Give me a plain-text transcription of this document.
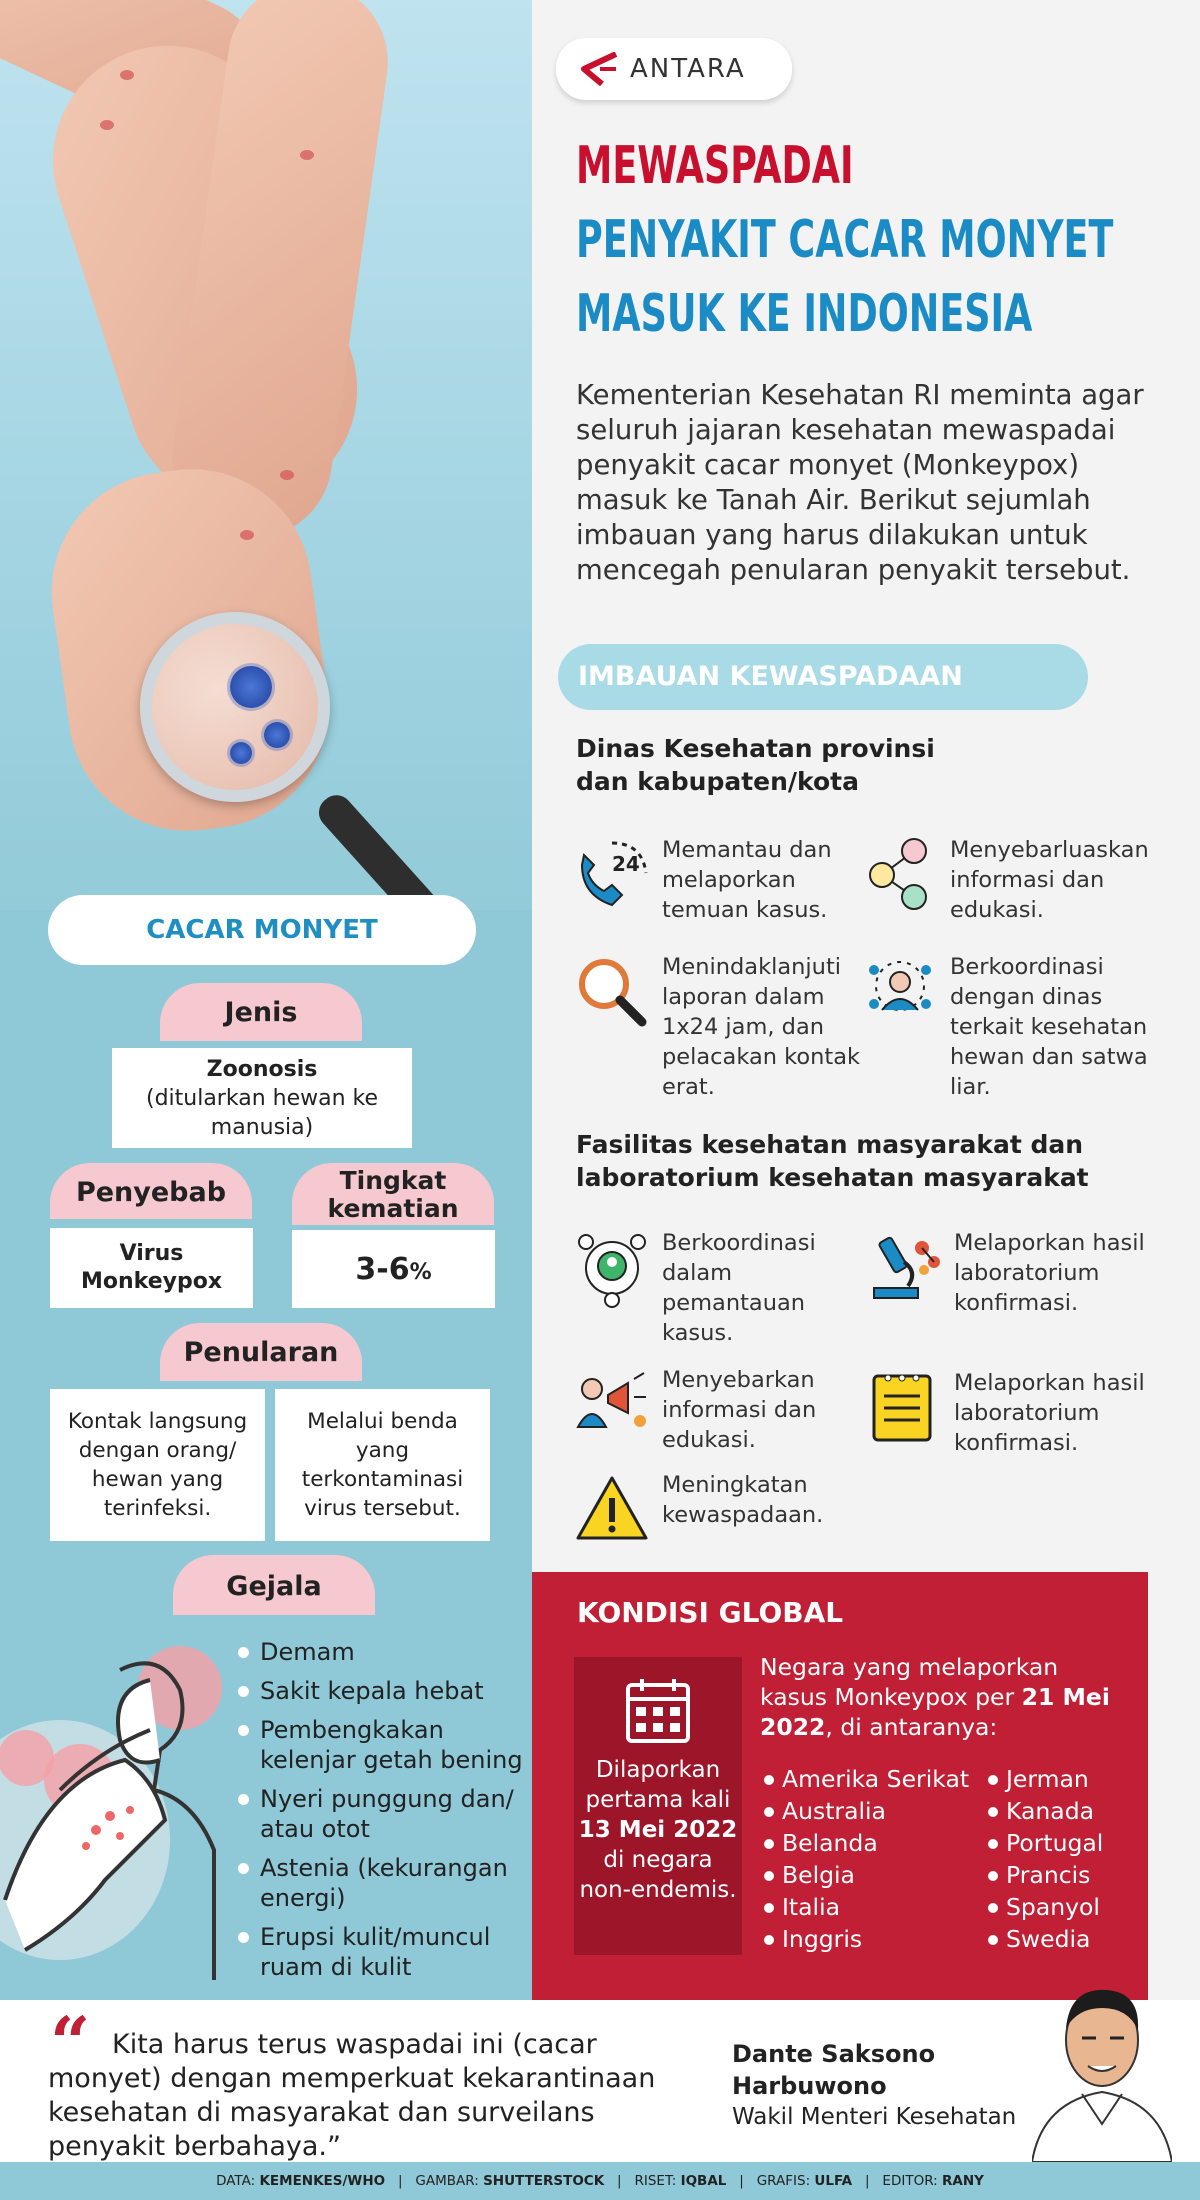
CACAR MONYET
Jenis
Zoonosis
(ditularkan hewan ke manusia)
Penyebab
Virus Monkeypox
Tingkat kematian
3-6 %
Penularan
Kontak langsung dengan orang/ hewan yang terinfeksi.
Melalui benda yang terkontaminasi virus tersebut.
Gejala
Demam
Sakit kepala hebat
Pembengkakan kelenjar getah bening
Nyeri punggung dan/ atau otot
Astenia (kekurangan energi)
Erupsi kulit/muncul ruam di kulit
ANTARA
MEWASPADAI
PENYAKIT CACAR MONYET
MASUK KE INDONESIA
Kementerian Kesehatan RI meminta agar seluruh jajaran kesehatan mewaspadai penyakit cacar monyet (Monkeypox) masuk ke Tanah Air. Berikut sejumlah imbauan yang harus dilakukan untuk mencegah penularan penyakit tersebut.
IMBAUAN KEWASPADAAN
Dinas Kesehatan provinsi dan kabupaten/kota
24
Memantau dan melaporkan temuan kasus.
Menyebarluaskan informasi dan edukasi.
Menindaklanjuti laporan dalam 1x24 jam, dan pelacakan kontak erat.
Berkoordinasi dengan dinas terkait kesehatan hewan dan satwa liar.
Fasilitas kesehatan masyarakat dan laboratorium kesehatan masyarakat
Berkoordinasi dalam pemantauan kasus.
Melaporkan hasil laboratorium konfirmasi.
Menyebarkan informasi dan edukasi.
Melaporkan hasil laboratorium konfirmasi.
Meningkatan kewaspadaan.
KONDISI GLOBAL
Dilaporkan pertama kali
13 Mei 2022
di negara non-endemis.
Negara yang melaporkan kasus Monkeypox per 21 Mei 2022, di antaranya:
Amerika Serikat
Australia
Belanda
Belgia
Italia
Inggris
Jerman
Kanada
Portugal
Prancis
Spanyol
Swedia
“ Kita harus terus waspadai ini (cacar monyet) dengan memperkuat kekarantinaan kesehatan di masyarakat dan surveilans penyakit berbahaya.”
Dante Saksono Harbuwono
Wakil Menteri Kesehatan
DATA: KEMENKES/WHO | GAMBAR: SHUTTERSTOCK | RISET: IQBAL | GRAFIS: ULFA | EDITOR: RANY
